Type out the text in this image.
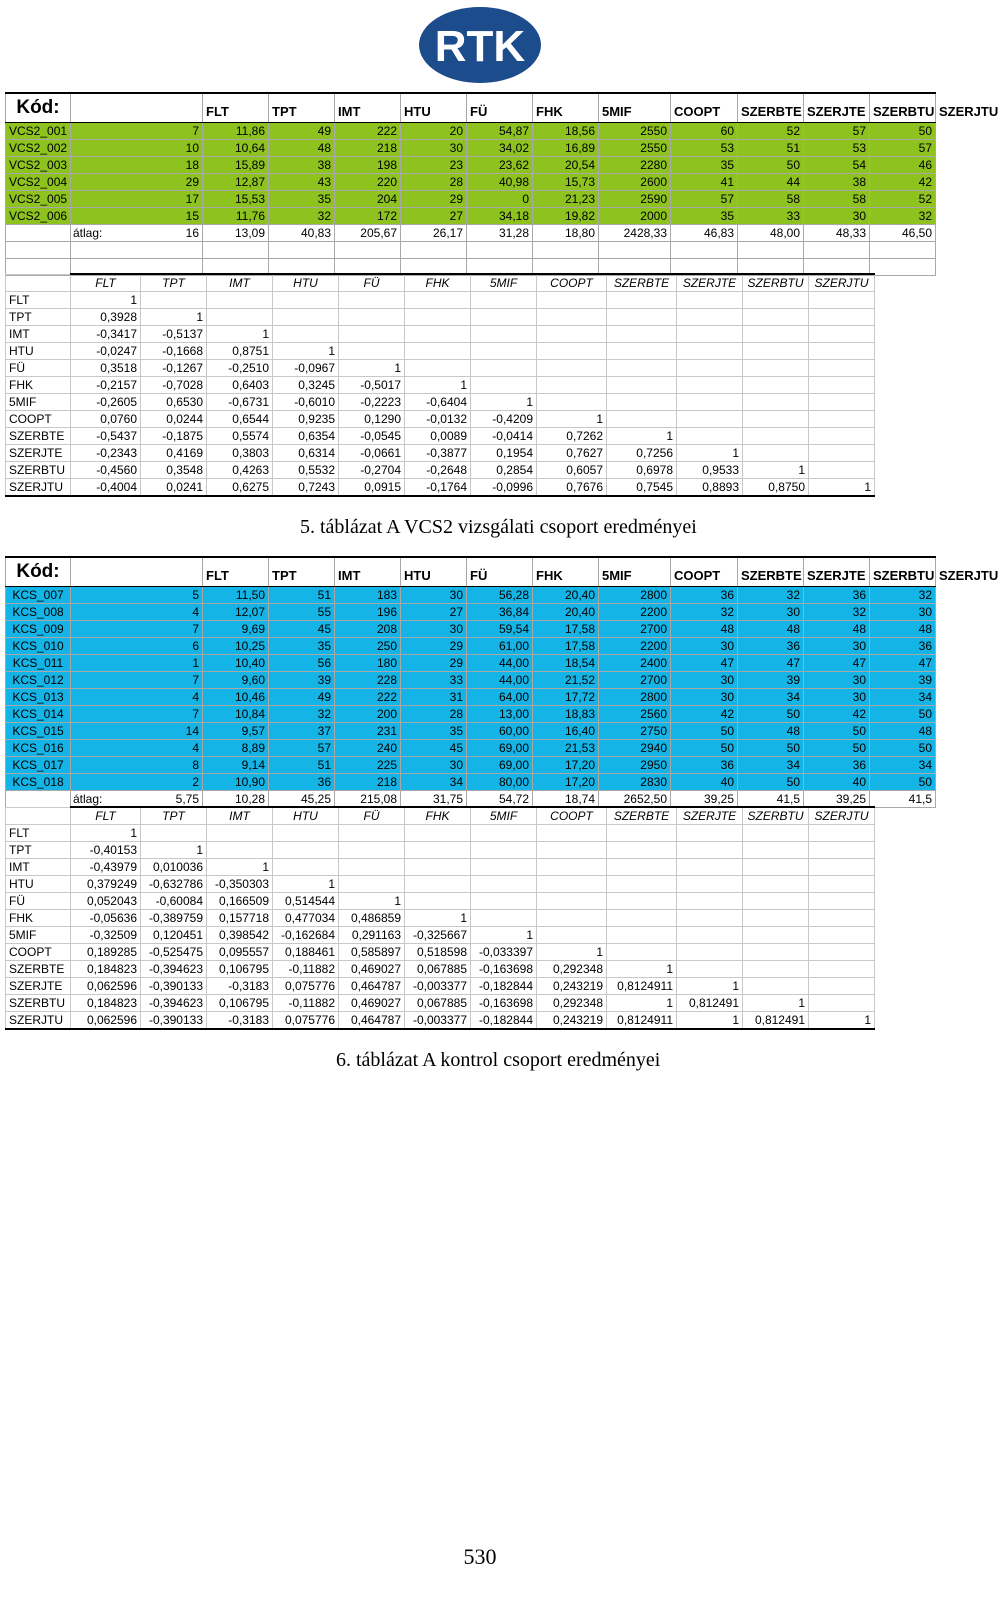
RTK
Kód:		FLT	TPT	IMT	HTU	FÜ	FHK	5MIF	COOPT	SZERBTE	SZERJTE	SZERBTU	SZERJTU
VCS2_001	7	11,86	49	222	20	54,87	18,56	2550	60	52	57	50	
VCS2_002	10	10,64	48	218	30	34,02	16,89	2550	53	51	53	57	
VCS2_003	18	15,89	38	198	23	23,62	20,54	2280	35	50	54	46	
VCS2_004	29	12,87	43	220	28	40,98	15,73	2600	41	44	38	42	
VCS2_005	17	15,53	35	204	29	0	21,23	2590	57	58	58	52	
VCS2_006	15	11,76	32	172	27	34,18	19,82	2000	35	33	30	32	
	átlag: 16	13,09	40,83	205,67	26,17	31,28	18,80	2428,33	46,83	48,00	48,33	46,50	

	FLT	TPT	IMT	HTU	FÜ	FHK	5MIF	COOPT	SZERBTE	SZERJTE	SZERBTU	SZERJTU
FLT	1											
TPT	0,3928	1										
IMT	-0,3417	-0,5137	1									
HTU	-0,0247	-0,1668	0,8751	1								
FÜ	0,3518	-0,1267	-0,2510	-0,0967	1							
FHK	-0,2157	-0,7028	0,6403	0,3245	-0,5017	1						
5MIF	-0,2605	0,6530	-0,6731	-0,6010	-0,2223	-0,6404	1					
COOPT	0,0760	0,0244	0,6544	0,9235	0,1290	-0,0132	-0,4209	1				
SZERBTE	-0,5437	-0,1875	0,5574	0,6354	-0,0545	0,0089	-0,0414	0,7262	1			
SZERJTE	-0,2343	0,4169	0,3803	0,6314	-0,0661	-0,3877	0,1954	0,7627	0,7256	1		
SZERBTU	-0,4560	0,3548	0,4263	0,5532	-0,2704	-0,2648	0,2854	0,6057	0,6978	0,9533	1	
SZERJTU	-0,4004	0,0241	0,6275	0,7243	0,0915	-0,1764	-0,0996	0,7676	0,7545	0,8893	0,8750	1
5. táblázat A VCS2 vizsgálati csoport eredményei
Kód:		FLT	TPT	IMT	HTU	FÜ	FHK	5MIF	COOPT	SZERBTE	SZERJTE	SZERBTU	SZERJTU
KCS_007	5	11,50	51	183	30	56,28	20,40	2800	36	32	36	32	
KCS_008	4	12,07	55	196	27	36,84	20,40	2200	32	30	32	30	
KCS_009	7	9,69	45	208	30	59,54	17,58	2700	48	48	48	48	
KCS_010	6	10,25	35	250	29	61,00	17,58	2200	30	36	30	36	
KCS_011	1	10,40	56	180	29	44,00	18,54	2400	47	47	47	47	
KCS_012	7	9,60	39	228	33	44,00	21,52	2700	30	39	30	39	
KCS_013	4	10,46	49	222	31	64,00	17,72	2800	30	34	30	34	
KCS_014	7	10,84	32	200	28	13,00	18,83	2560	42	50	42	50	
KCS_015	14	9,57	37	231	35	60,00	16,40	2750	50	48	50	48	
KCS_016	4	8,89	57	240	45	69,00	21,53	2940	50	50	50	50	
KCS_017	8	9,14	51	225	30	69,00	17,20	2950	36	34	36	34	
KCS_018	2	10,90	36	218	34	80,00	17,20	2830	40	50	40	50	
	átlag: 5,75	10,28	45,25	215,08	31,75	54,72	18,74	2652,50	39,25	41,5	39,25	41,5	
	FLT	TPT	IMT	HTU	FÜ	FHK	5MIF	COOPT	SZERBTE	SZERJTE	SZERBTU	SZERJTU
FLT	1											
TPT	-0,40153	1										
IMT	-0,43979	0,010036	1									
HTU	0,379249	-0,632786	-0,350303	1								
FÜ	0,052043	-0,60084	0,166509	0,514544	1							
FHK	-0,05636	-0,389759	0,157718	0,477034	0,486859	1						
5MIF	-0,32509	0,120451	0,398542	-0,162684	0,291163	-0,325667	1					
COOPT	0,189285	-0,525475	0,095557	0,188461	0,585897	0,518598	-0,033397	1				
SZERBTE	0,184823	-0,394623	0,106795	-0,11882	0,469027	0,067885	-0,163698	0,292348	1			
SZERJTE	0,062596	-0,390133	-0,3183	0,075776	0,464787	-0,003377	-0,182844	0,243219	0,8124911	1		
SZERBTU	0,184823	-0,394623	0,106795	-0,11882	0,469027	0,067885	-0,163698	0,292348	1	0,812491	1	
SZERJTU	0,062596	-0,390133	-0,3183	0,075776	0,464787	-0,003377	-0,182844	0,243219	0,8124911	1	0,812491	1
6. táblázat A kontrol csoport eredményei
530
